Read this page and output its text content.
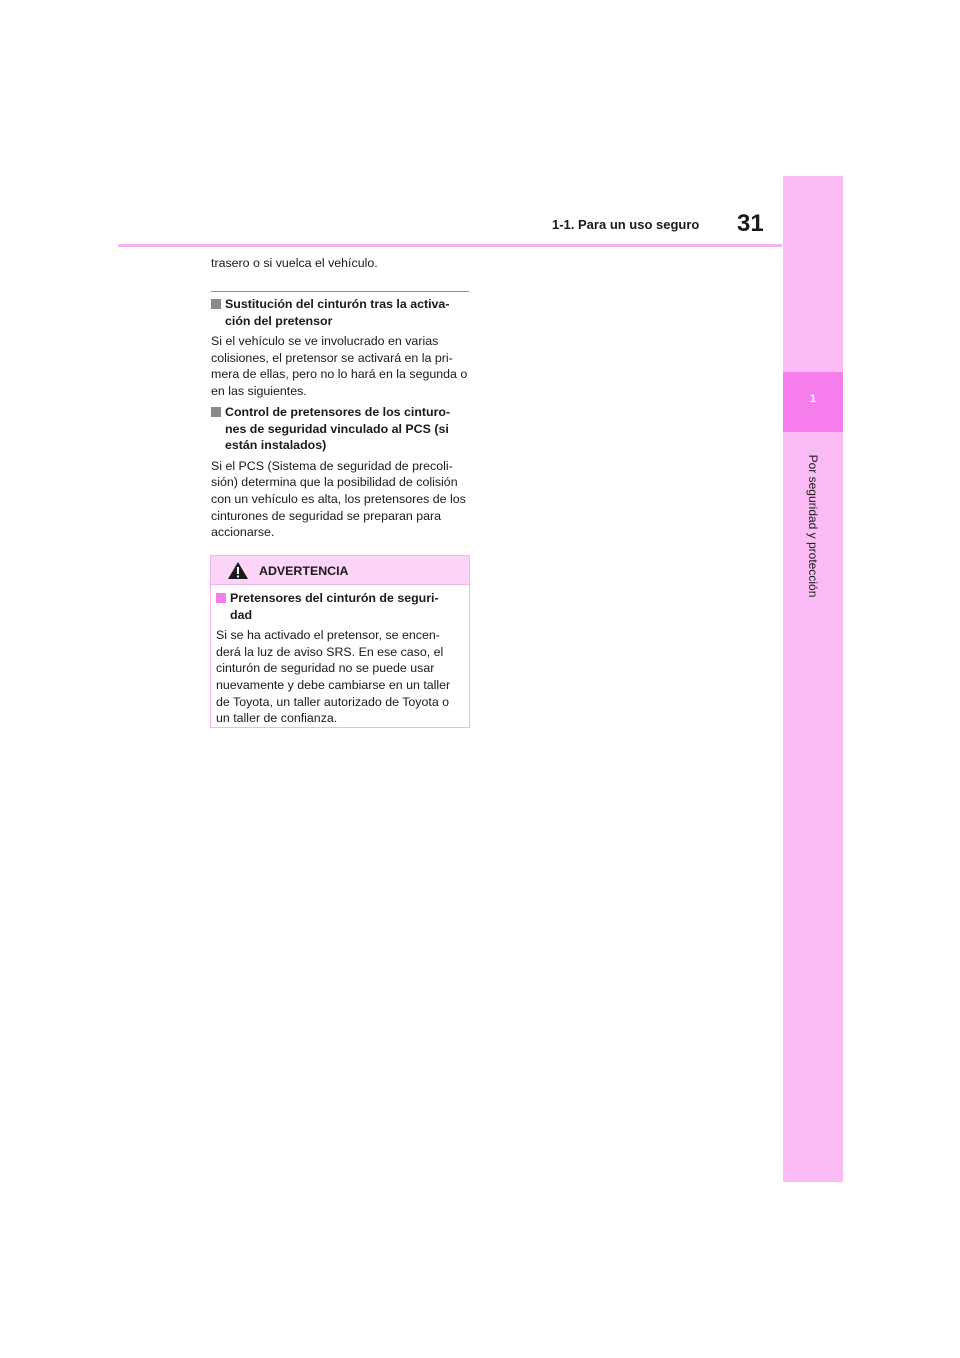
1-1. Para un uso seguro 31
1
Por seguridad y protección

trasero o si vuelca el vehículo.

Sustitución del cinturón tras la activa-
ción del pretensor

Si el vehículo se ve involucrado en varias colisiones, el pretensor se activará en la pri-
mera de ellas, pero no lo hará en la segunda o en las siguientes.

Control de pretensores de los cinturo-
nes de seguridad vinculado al PCS (si están instalados)

Si el PCS (Sistema de seguridad de precoli-
sión) determina que la posibilidad de colisión con un vehículo es alta, los pretensores de los cinturones de seguridad se preparan para accionarse.

ADVERTENCIA
Pretensores del cinturón de seguri-
dad

Si se ha activado el pretensor, se encen-
derá la luz de aviso SRS. En ese caso, el cinturón de seguridad no se puede usar nuevamente y debe cambiarse en un taller de Toyota, un taller autorizado de Toyota o un taller de confianza.
